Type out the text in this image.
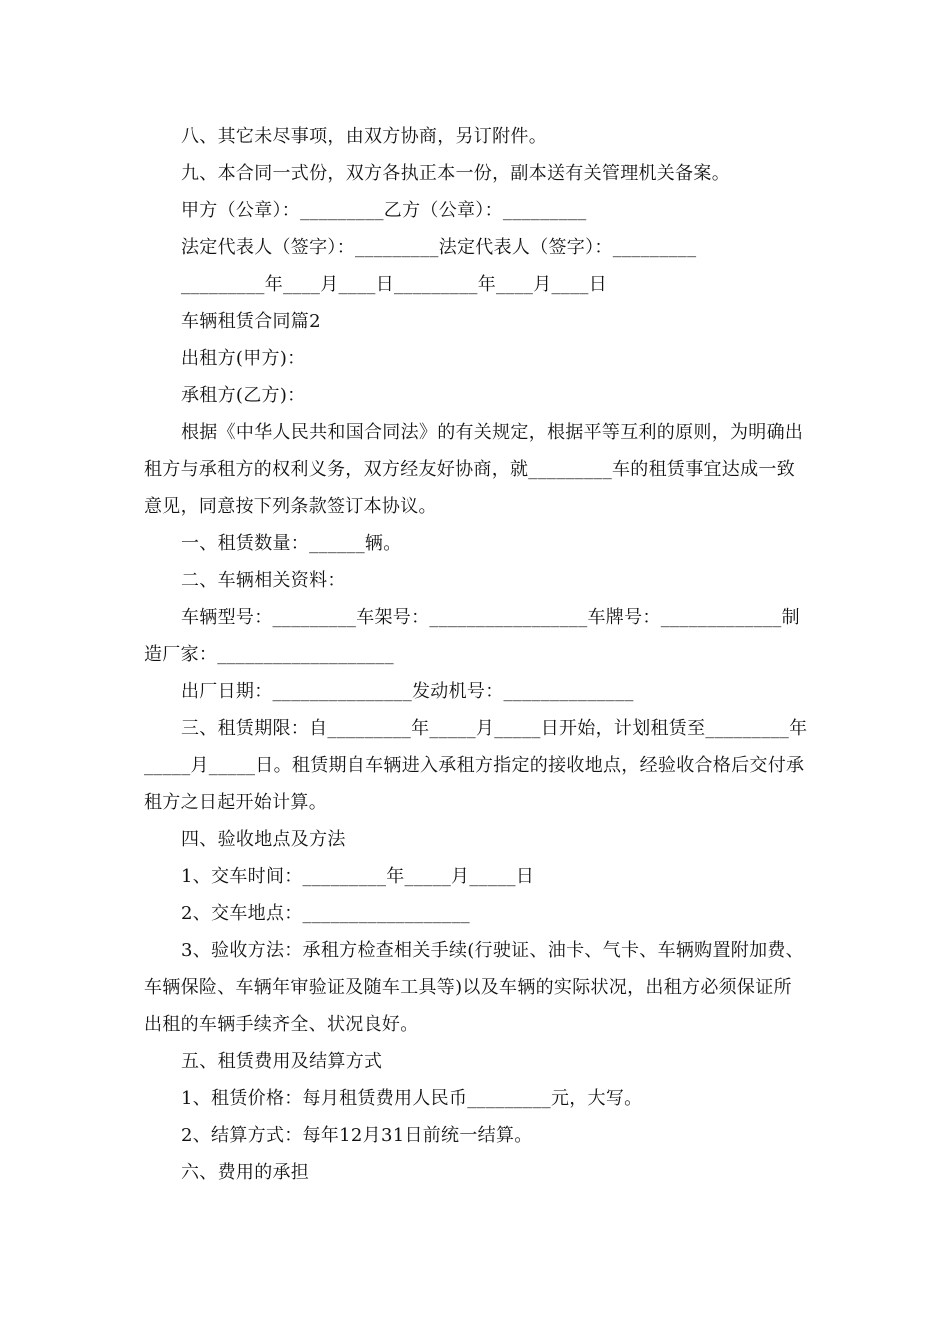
八、其它未尽事项，由双方协商，另订附件。

九、本合同一式份，双方各执正本一份，副本送有关管理机关备案。

甲方（公章）：_________乙方（公章）：_________

法定代表人（签字）：_________法定代表人（签字）：_________

_________年____月____日_________年____月____日

车辆租赁合同篇2

出租方(甲方)：

承租方(乙方)：

根据《中华人民共和国合同法》的有关规定，根据平等互利的原则，为明确出租方与承租方的权利义务，双方经友好协商，就_________车的租赁事宜达成一致意见，同意按下列条款签订本协议。

一、租赁数量：______辆。

二、车辆相关资料：

车辆型号：_________车架号：_________________车牌号：_____________制造厂家：___________________

出厂日期：_______________发动机号：______________

三、租赁期限：自_________年_____月_____日开始，计划租赁至_________年_____月_____日。租赁期自车辆进入承租方指定的接收地点，经验收合格后交付承租方之日起开始计算。

四、验收地点及方法

1、交车时间：_________年_____月_____日

2、交车地点：__________________

3、验收方法：承租方检查相关手续(行驶证、油卡、气卡、车辆购置附加费、车辆保险、车辆年审验证及随车工具等)以及车辆的实际状况，出租方必须保证所出租的车辆手续齐全、状况良好。

五、租赁费用及结算方式

1、租赁价格：每月租赁费用人民币_________元，大写。

2、结算方式：每年12月31日前统一结算。

六、费用的承担
